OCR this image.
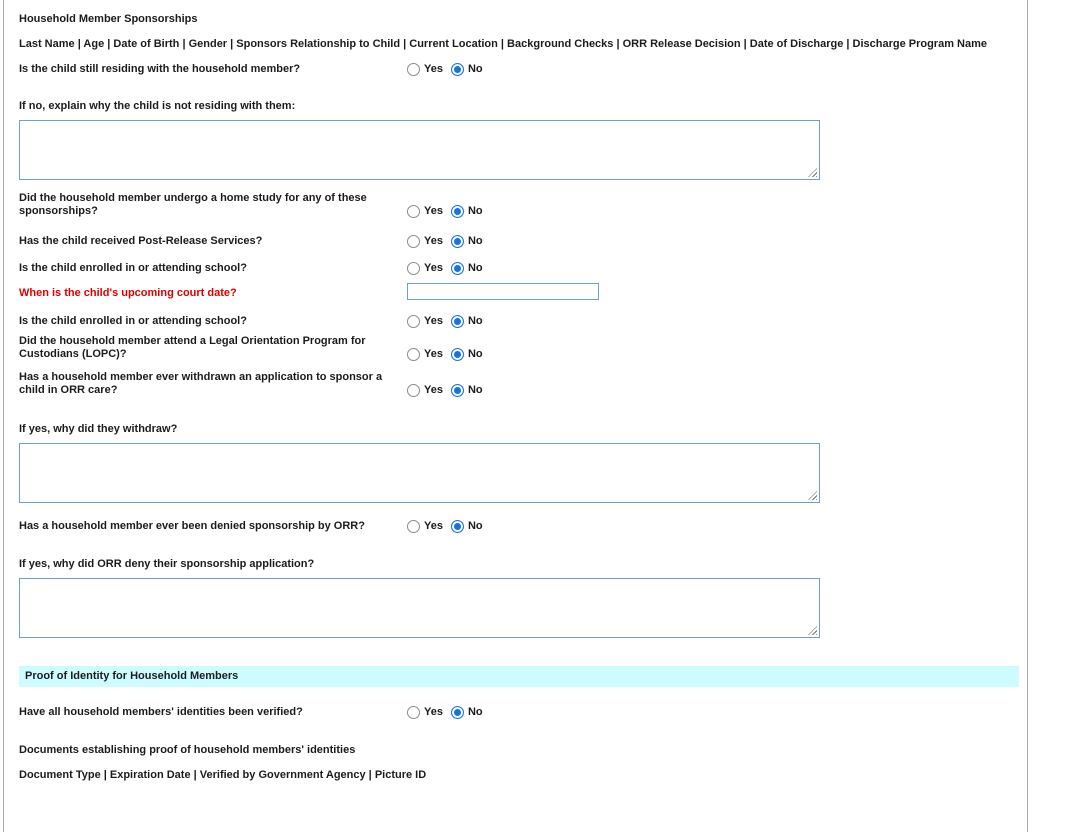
Household Member Sponsorships
Last Name | Age | Date of Birth | Gender | Sponsors Relationship to Child | Current Location | Background Checks | ORR Release Decision | Date of Discharge | Discharge Program Name
Is the child still residing with the household member?	Yes No
If no, explain why the child is not residing with them:
Did the household member undergo a home study for any of these sponsorships?	Yes No
Has the child received Post-Release Services?	Yes No
Is the child enrolled in or attending school?	Yes No
When is the child's upcoming court date?
Is the child enrolled in or attending school?	Yes No
Did the household member attend a Legal Orientation Program for Custodians (LOPC)?	Yes No
Has a household member ever withdrawn an application to sponsor a child in ORR care?	Yes No
If yes, why did they withdraw?
Has a household member ever been denied sponsorship by ORR?	Yes No
If yes, why did ORR deny their sponsorship application?
Proof of Identity for Household Members
Have all household members' identities been verified?	Yes No
Documents establishing proof of household members' identities
Document Type | Expiration Date | Verified by Government Agency | Picture ID
